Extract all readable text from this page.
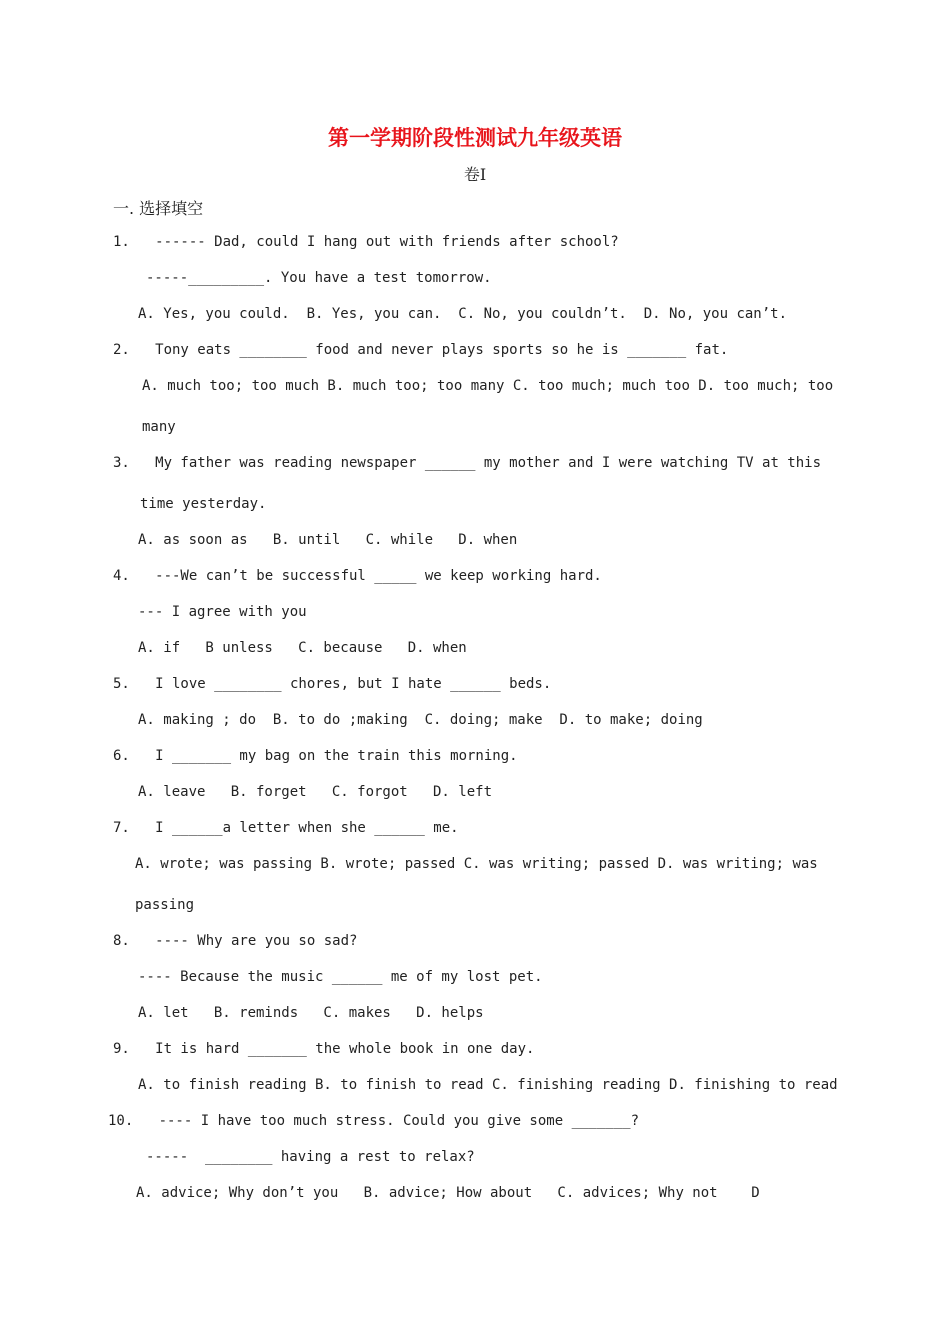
第一学期阶段性测试九年级英语
卷Ⅰ
一. 选择填空
1.   ------ Dad, could I hang out with friends after school?
-----_________. You have a test tomorrow.
A. Yes, you could.  B. Yes, you can.  C. No, you couldn’t.  D. No, you can’t.
2.   Tony eats ________ food and never plays sports so he is _______ fat.
A. much too; too much B. much too; too many C. too much; much too D. too much; too
many
3.   My father was reading newspaper ______ my mother and I were watching TV at this
time yesterday.
A. as soon as   B. until   C. while   D. when
4.   ---We can’t be successful _____ we keep working hard.
--- I agree with you
A. if   B unless   C. because   D. when
5.   I love ________ chores, but I hate ______ beds.
A. making ; do  B. to do ;making  C. doing; make  D. to make; doing
6.   I _______ my bag on the train this morning.
A. leave   B. forget   C. forgot   D. left
7.   I ______a letter when she ______ me.
A. wrote; was passing B. wrote; passed C. was writing; passed D. was writing; was
passing
8.   ---- Why are you so sad?
---- Because the music ______ me of my lost pet.
A. let   B. reminds   C. makes   D. helps
9.   It is hard _______ the whole book in one day.
A. to finish reading B. to finish to read C. finishing reading D. finishing to read
10.   ---- I have too much stress. Could you give some _______?
-----  ________ having a rest to relax?
A. advice; Why don’t you   B. advice; How about   C. advices; Why not    D
